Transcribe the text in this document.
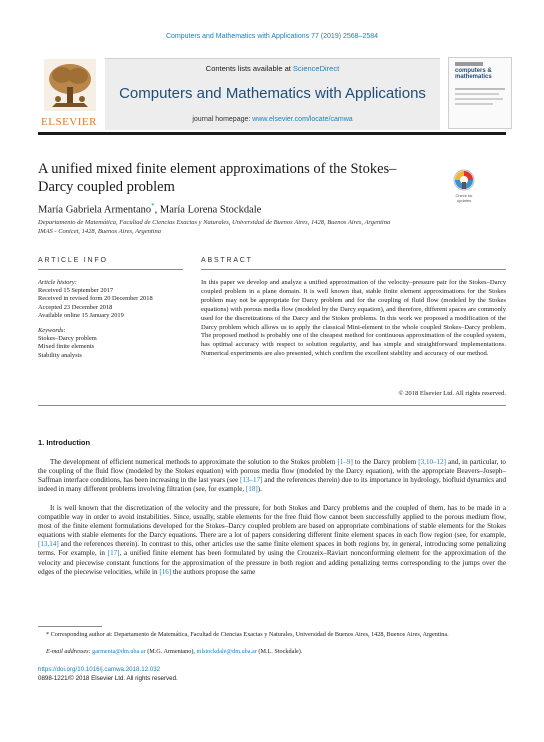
Computers and Mathematics with Applications 77 (2019) 2568–2584
ELSEVIER
Contents lists available at ScienceDirect
Computers and Mathematics with Applications
journal homepage: www.elsevier.com/locate/camwa
computers & mathematics
A unified mixed finite element approximations of the Stokes–Darcy coupled problem
Check for updates
María Gabriela Armentano*, María Lorena Stockdale
Departamento de Matemática, Facultad de Ciencias Exactas y Naturales, Universidad de Buenos Aires, 1428, Buenos Aires, Argentina
IMAS - Conicet, 1428, Buenos Aires, Argentina
ARTICLE INFO	ABSTRACT
Article history:
Received 15 September 2017
Received in revised form 20 December 2018
Accepted 23 December 2018
Available online 15 January 2019
Keywords:
Stokes–Darcy problem
Mixed finite elements
Stability analysis
In this paper we develop and analyze a unified approximation of the velocity–pressure pair for the Stokes–Darcy coupled problem in a plane domain. It is well known that, stable finite element approximations for the Stokes problem may not be appropriate for Darcy problem and for the coupling of fluid flow (modeled by the Stokes equations) with porous media flow (modeled by the Darcy equation), and therefore, different spaces are commonly used for the discretizations of the Darcy and the Stokes problems. In this work we proposed a modification of the Darcy problem which allows us to apply the classical Mini-element to the whole coupled Stokes–Darcy problem. The proposed method is probably one of the cheapest method for continuous approximation of the coupled system, has optimal accuracy with respect to solution regularity, and has simple and straightforward implementations. Numerical experiments are also presented, which confirm the excellent stability and accuracy of our method.
© 2018 Elsevier Ltd. All rights reserved.
1. Introduction
The development of efficient numerical methods to approximate the solution to the Stokes problem [1–9] to the Darcy problem [3,10–12] and, in particular, to the coupling of the fluid flow (modeled by the Stokes equation) with porous media flow (modeled by the Darcy equation), with the appropriate Beavers–Joseph–Saffman interface conditions, has been increasing in the last years (see [13–17] and the references therein) due to its importance in hydrology, biofluid dynamics and indeed in many different problems involving filtration (see, for example, [18]).
It is well known that the discretization of the velocity and the pressure, for both Stokes and Darcy problems and the coupled of them, has to be made in a compatible way in order to avoid instabilities. Since, usually, stable elements for the free fluid flow cannot been successfully applied to the porous medium flow, most of the finite element formulations developed for the Stokes–Darcy coupled problem are based on appropriate combinations of stable elements for the Stokes equations with stable elements for the Darcy equations. There are a lot of papers considering different finite element spaces in each flow region (see, for example, [13,14] and the references therein). In contrast to this, other articles use the same finite element spaces in both regions by, in general, introducing some penalizing terms. For example, in [17], a unified finite element has been formulated by using the Crouzeix–Raviart nonconforming element for the approximation of the velocity and piecewise constant functions for the approximation of the pressure in both region and adding penalizing terms corresponding to the jumps over the edges of the piecewise velocities, while in [16] the authors propose the same
* Corresponding author at: Departamento de Matemática, Facultad de Ciencias Exactas y Naturales, Universidad de Buenos Aires, 1428, Buenos Aires, Argentina.
E-mail addresses: garmenta@dm.uba.ar (M.G. Armentano), mlstockdale@dm.uba.ar (M.L. Stockdale).
https://doi.org/10.1016/j.camwa.2018.12.032
0898-1221/© 2018 Elsevier Ltd. All rights reserved.
